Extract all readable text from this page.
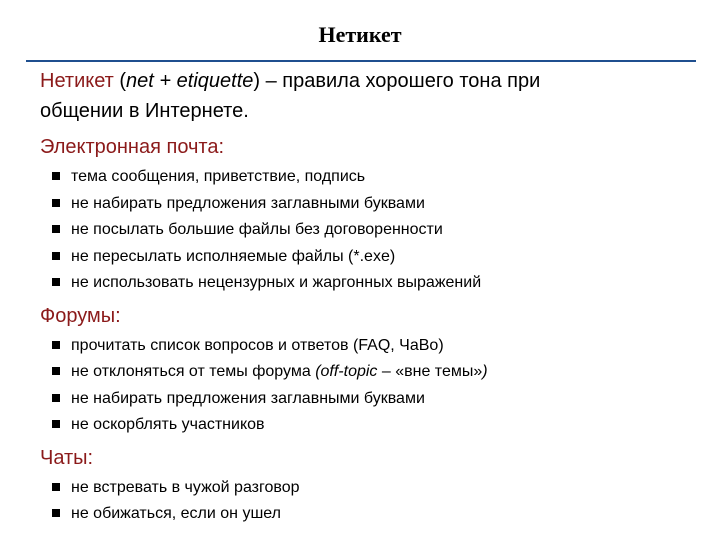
Нетикет

Нетикет (net + etiquette) – правила хорошего тона при
общении в Интернете.

Электронная почта:

тема сообщения, приветствие, подпись
не набирать предложения заглавными буквами
не посылать большие файлы без договоренности
не пересылать исполняемые файлы (*.exe)
не использовать нецензурных и жаргонных выражений

Форумы:

прочитать список вопросов и ответов (FAQ, ЧаВо)
не отклоняться от темы форума (off-topic – «вне темы»)
не набирать предложения заглавными буквами
не оскорблять участников

Чаты:

не встревать в чужой разговор
не обижаться, если он ушел
